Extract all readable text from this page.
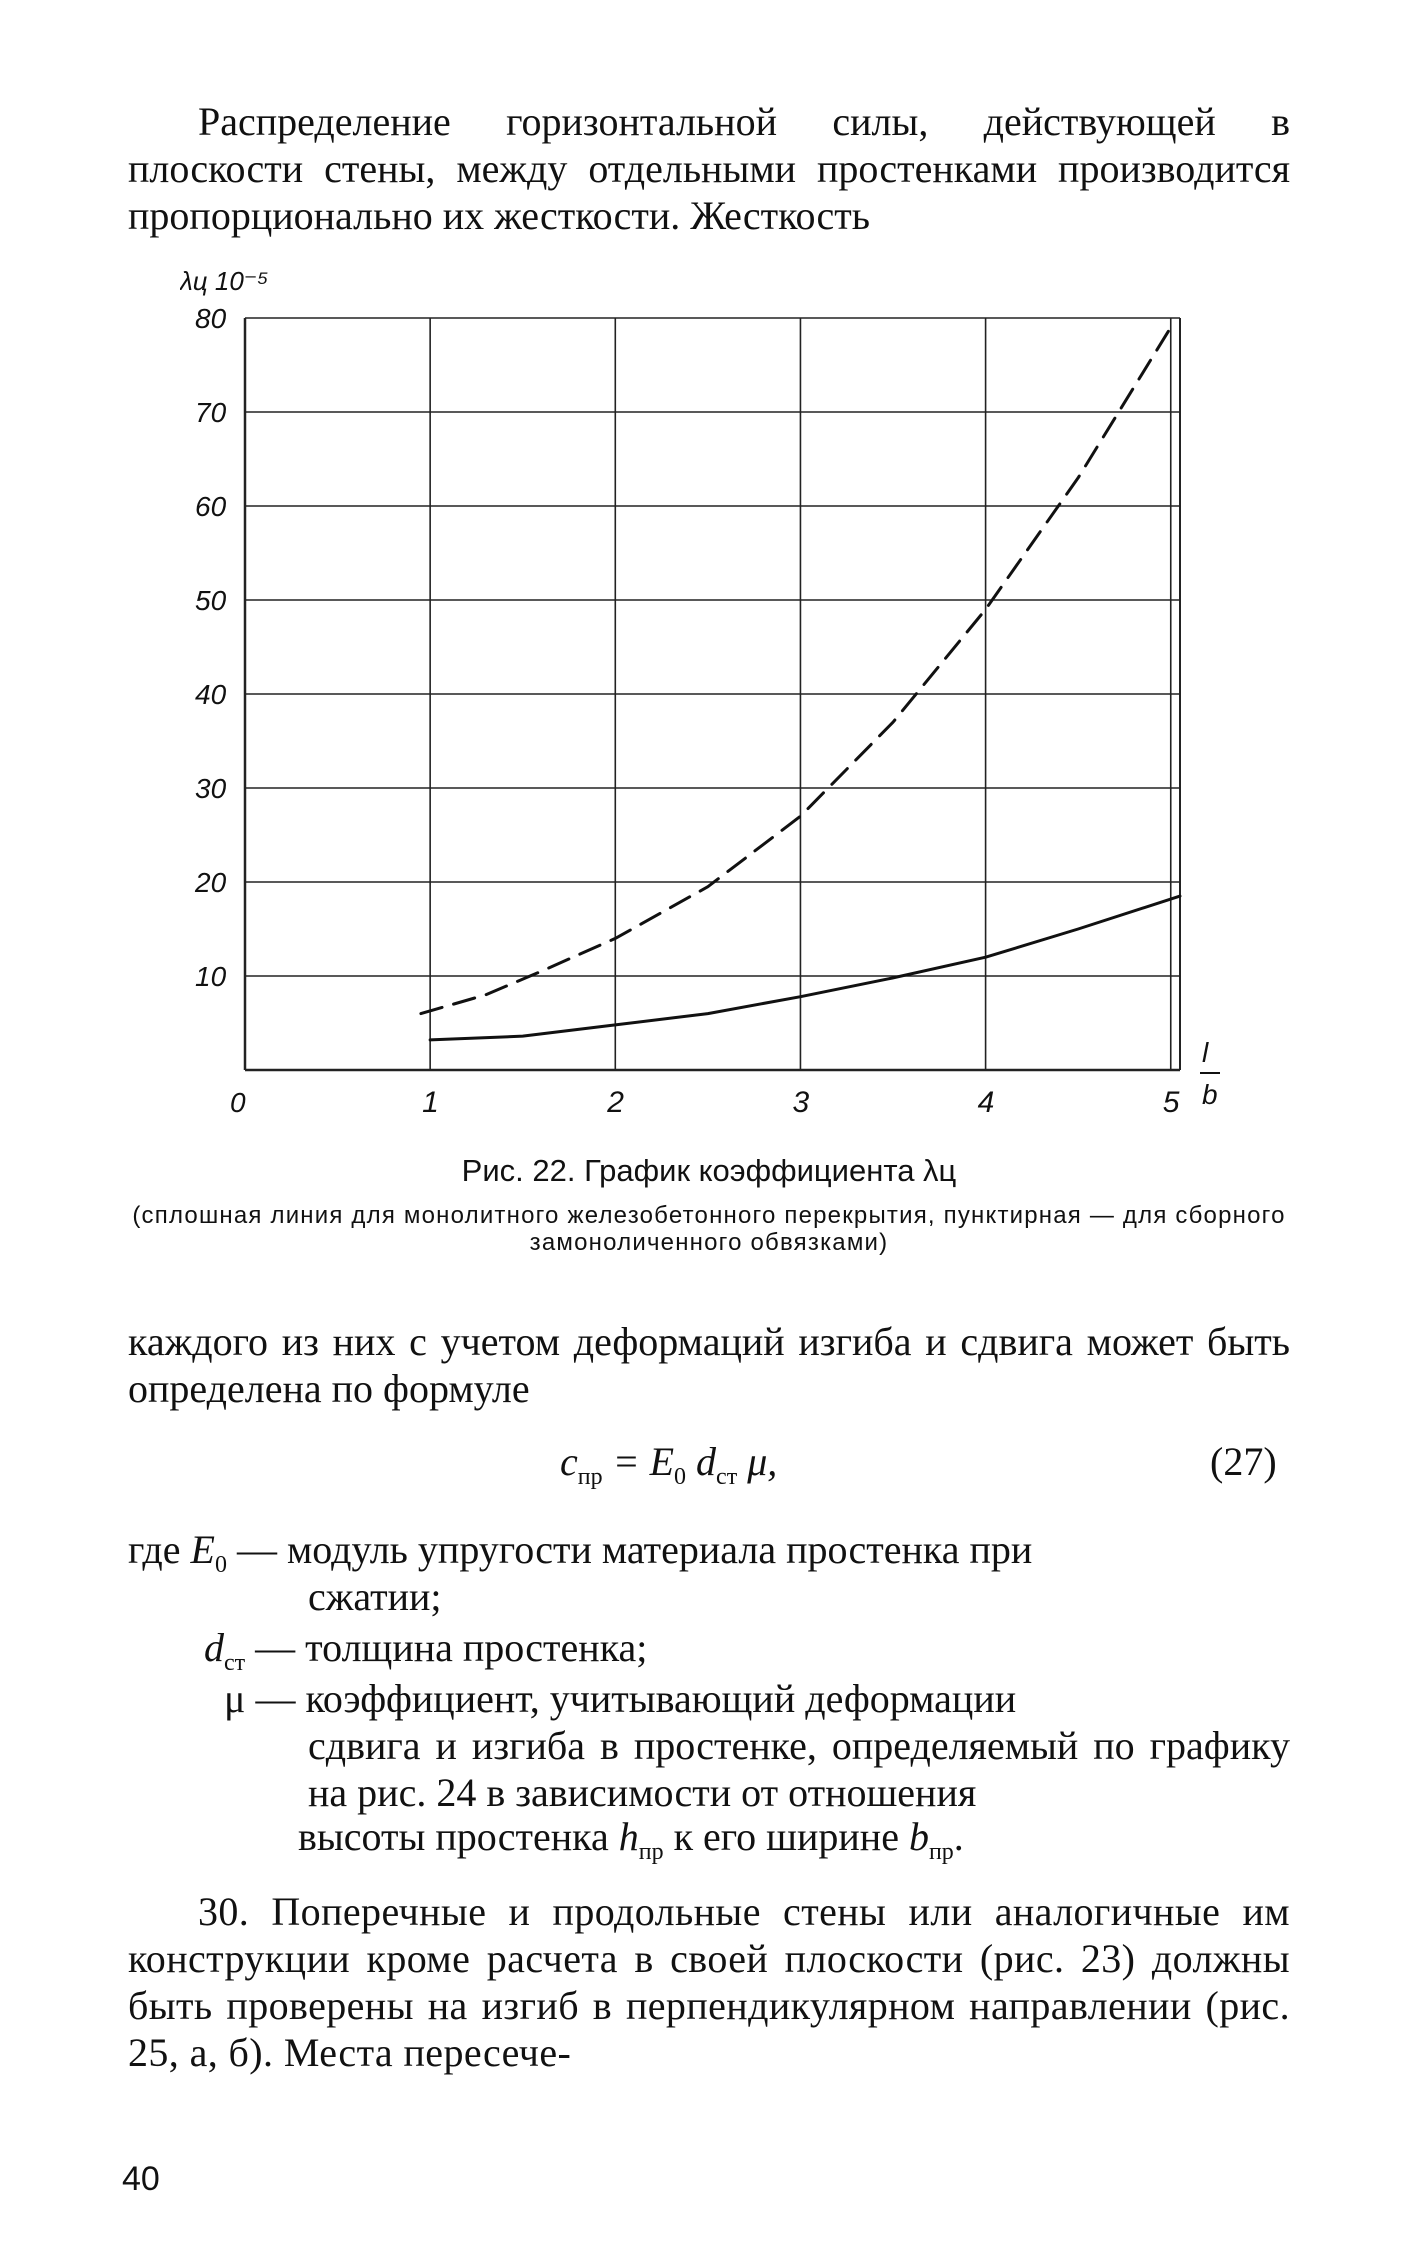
Распределение горизонтальной силы, действующей в плоскости стены, между отдельными простенками производится пропорционально их жесткости. Жесткость

1	2	3	4	5
10
20
30
40
50
60
70
80
λц 10⁻⁵
0
l
b
Рис. 22. График коэффициента λц
(сплошная линия для монолитного железобетонного перекрытия, пунктирная — для сборного замоноличенного обвязками)

каждого из них с учетом деформаций изгиба и сдвига может быть определена по формуле

$c_{пр} = E_0$ $d_{ст}$ μ,	(27)
где $E_0$ — модуль упругости материала простенка при
сжатии;
$d_{ст}$ — толщина простенка;
μ — коэффициент, учитывающий деформации
сдвига и изгиба в простенке, определяемый по графику на рис. 24 в зависимости от отношения
высоты простенка $h_{пр}$ к его ширине $b_{пр}$.

30. Поперечные и продольные стены или аналогичные им конструкции кроме расчета в своей плоскости (рис. 23) должны быть проверены на изгиб в перпендикулярном направлении (рис. 25, а, б). Места пересече-

40
